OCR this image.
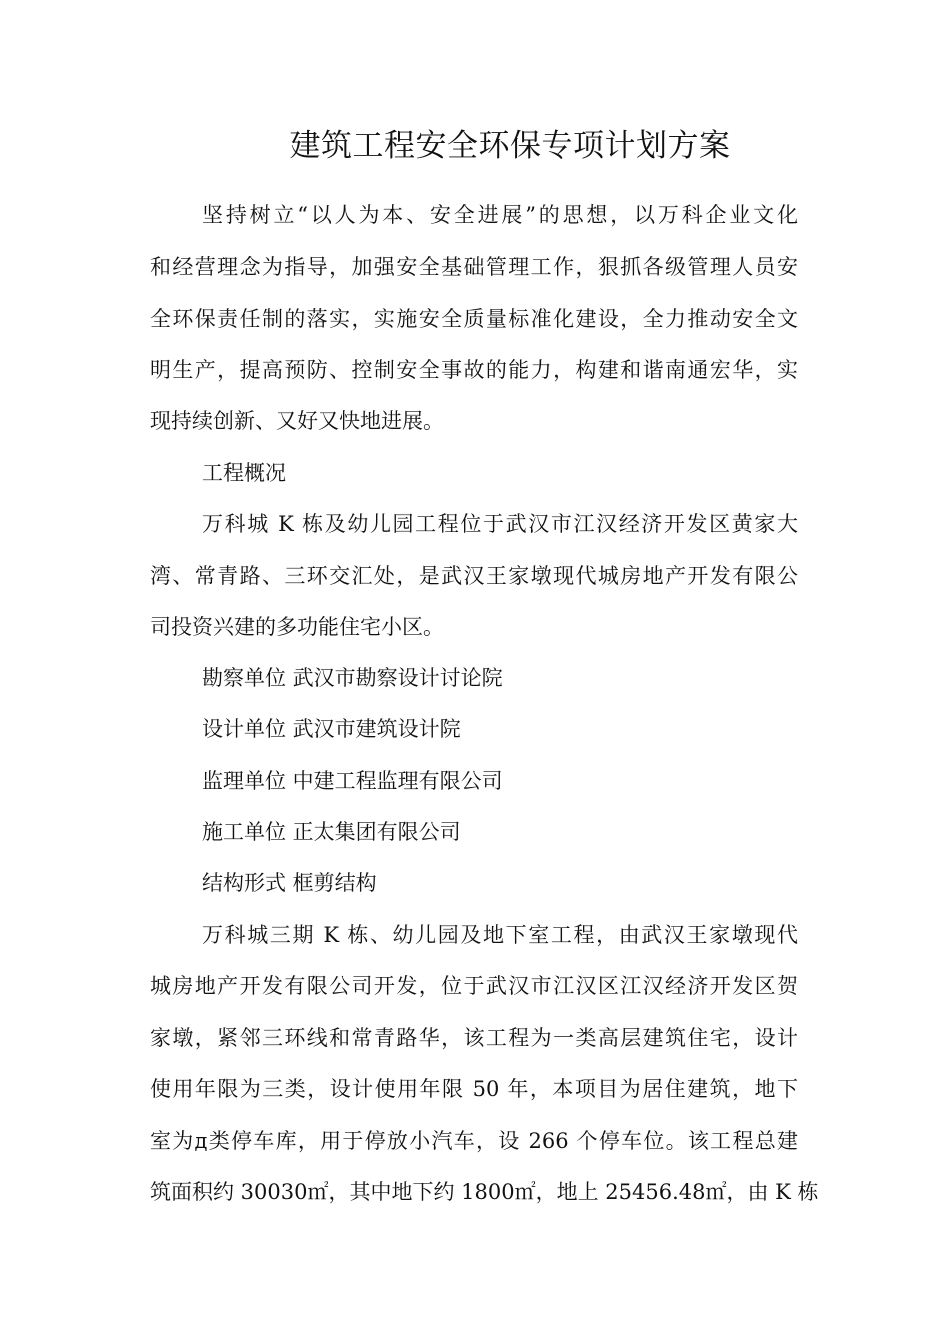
建筑工程安全环保专项计划方案
坚持树立“以人为本、安全进展”的思想，以万科企业文化
和经营理念为指导，加强安全基础管理工作，狠抓各级管理人员安
全环保责任制的落实，实施安全质量标准化建设，全力推动安全文
明生产，提高预防、控制安全事故的能力，构建和谐南通宏华，实
现持续创新、又好又快地进展。
工程概况
万科城 K 栋及幼儿园工程位于武汉市江汉经济开发区黄家大
湾、常青路、三环交汇处，是武汉王家墩现代城房地产开发有限公
司投资兴建的多功能住宅小区。
勘察单位 武汉市勘察设计讨论院
设计单位 武汉市建筑设计院
监理单位 中建工程监理有限公司
施工单位 正太集团有限公司
结构形式 框剪结构
万科城三期 K 栋、幼儿园及地下室工程，由武汉王家墩现代
城房地产开发有限公司开发，位于武汉市江汉区江汉经济开发区贺
家墩，紧邻三环线和常青路华，该工程为一类高层建筑住宅，设计
使用年限为三类，设计使用年限 50 年，本项目为居住建筑，地下
室为д类停车库，用于停放小汽车，设 266 个停车位。该工程总建
筑面积约 30030㎡，其中地下约 1800㎡，地上 25456.48㎡，由 K 栋
